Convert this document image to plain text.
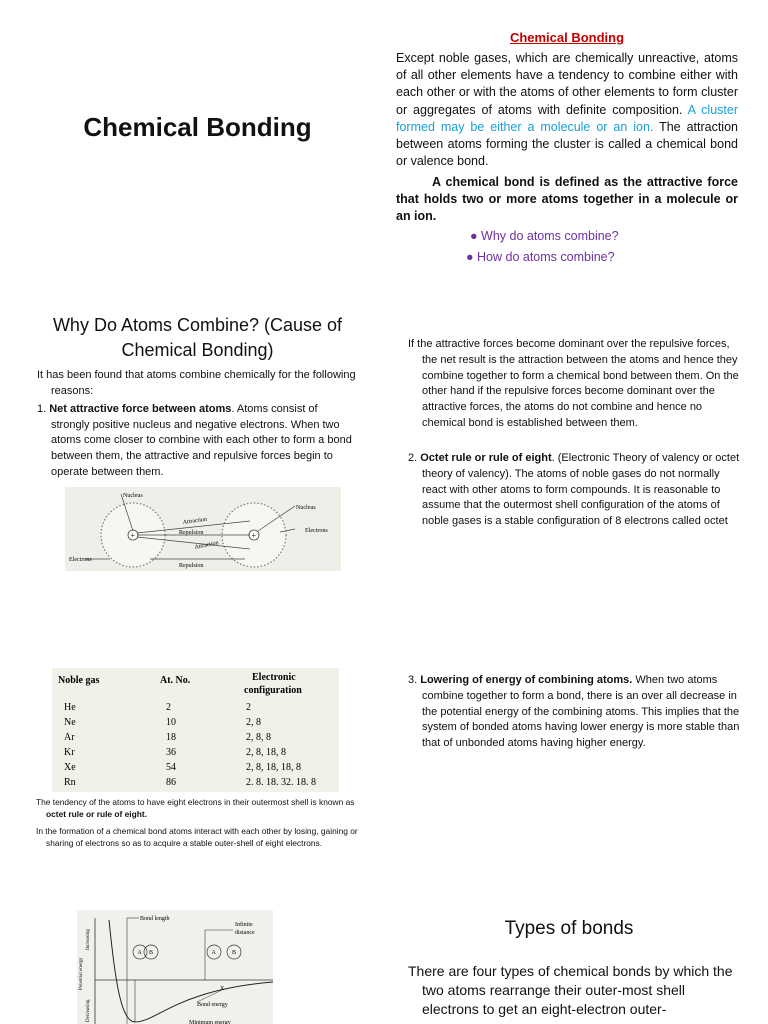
Chemical Bonding
Chemical Bonding

Except noble gases, which are chemically unreactive, atoms of all other elements have a tendency to combine either with each other or with the atoms of other elements to form cluster or aggregates of atoms with definite composition. A cluster formed may be either a molecule or an ion. The attraction between atoms forming the cluster is called a chemical bond or valence bond.

A chemical bond is defined as the attractive force that holds two or more atoms together in a molecule or an ion.

● Why do atoms combine?
● How do atoms combine?
Why Do Atoms Combine? (Cause of Chemical Bonding)

It has been found that atoms combine chemically for the following reasons:

1. Net attractive force between atoms. Atoms consist of strongly positive nucleus and negative electrons. When two atoms come closer to combine with each other to form a bond between them, the attractive and repulsive forces begin to operate between them.

+	+
Nucleus
Nucleus
Electrons
Attraction
Repulsion
Attraction
Electrons
Repulsion

If the attractive forces become dominant over the repulsive forces, the net result is the attraction between the atoms and hence they combine together to form a chemical bond between them. On the other hand if the repulsive forces become dominant over the attractive forces, the atoms do not combine and hence no chemical bond is established between them.

2. Octet rule or rule of eight. (Electronic Theory of valency or octet theory of valency). The atoms of noble gases do not normally react with other atoms to form compounds. It is reasonable to assume that the outermost shell configuration of the atoms of noble gases is a stable configuration of 8 electrons called octet

Noble gas	At. No.	Electronic
configuration
He	2	2
Ne	10	2, 8
Ar	18	2, 8, 8
Kr	36	2, 8, 18, 8
Xe	54	2, 8, 18, 18, 8
Rn	86	2. 8. 18. 32. 18. 8

The tendency of the atoms to have eight electrons in their outermost shell is known as octet rule or rule of eight.

In the formation of a chemical bond atoms interact with each other by losing, gaining or sharing of electrons so as to acquire a stable outer-shell of eight electrons.

3. Lowering of energy of combining atoms. When two atoms combine together to form a bond, there is an over all decrease in the potential energy of the combining atoms. This implies that the system of bonded atoms having lower energy is more stable than that of unbonded atoms having higher energy.

Increasing
Potential energy
Decreasing
Bond length
Infinite
distance
A B	A	B
X
Bond energy
Minimum energy
Types of bonds

There are four types of chemical bonds by which the two atoms rearrange their outer-most shell electrons to get an eight-electron outer-
